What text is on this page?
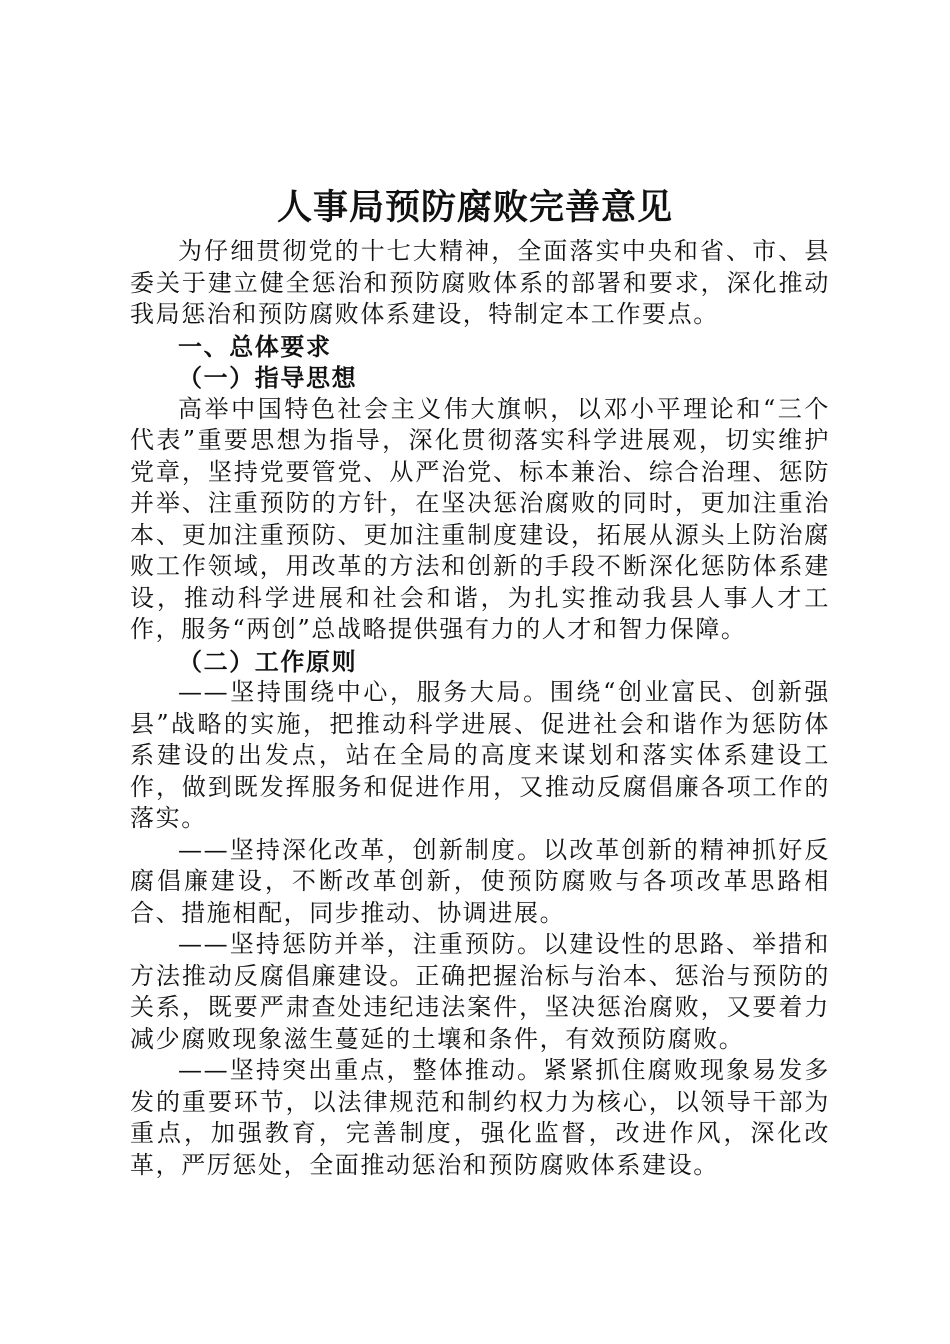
人事局预防腐败完善意见

为仔细贯彻党的十七大精神，全面落实中央和省、市、县委关于建立健全惩治和预防腐败体系的部署和要求，深化推动我局惩治和预防腐败体系建设，特制定本工作要点。

一、总体要求

（一）指导思想

高举中国特色社会主义伟大旗帜，以邓小平理论和“三个代表”重要思想为指导，深化贯彻落实科学进展观，切实维护党章，坚持党要管党、从严治党、标本兼治、综合治理、惩防并举、注重预防的方针，在坚决惩治腐败的同时，更加注重治本、更加注重预防、更加注重制度建设，拓展从源头上防治腐败工作领域，用改革的方法和创新的手段不断深化惩防体系建设，推动科学进展和社会和谐，为扎实推动我县人事人才工作，服务“两创”总战略提供强有力的人才和智力保障。

（二）工作原则

——坚持围绕中心，服务大局。围绕“创业富民、创新强县”战略的实施，把推动科学进展、促进社会和谐作为惩防体系建设的出发点，站在全局的高度来谋划和落实体系建设工作，做到既发挥服务和促进作用，又推动反腐倡廉各项工作的落实。

——坚持深化改革，创新制度。以改革创新的精神抓好反腐倡廉建设，不断改革创新，使预防腐败与各项改革思路相合、措施相配，同步推动、协调进展。

——坚持惩防并举，注重预防。以建设性的思路、举措和方法推动反腐倡廉建设。正确把握治标与治本、惩治与预防的关系，既要严肃查处违纪违法案件，坚决惩治腐败，又要着力减少腐败现象滋生蔓延的土壤和条件，有效预防腐败。

——坚持突出重点，整体推动。紧紧抓住腐败现象易发多发的重要环节，以法律规范和制约权力为核心，以领导干部为重点，加强教育，完善制度，强化监督，改进作风，深化改革，严厉惩处，全面推动惩治和预防腐败体系建设。
